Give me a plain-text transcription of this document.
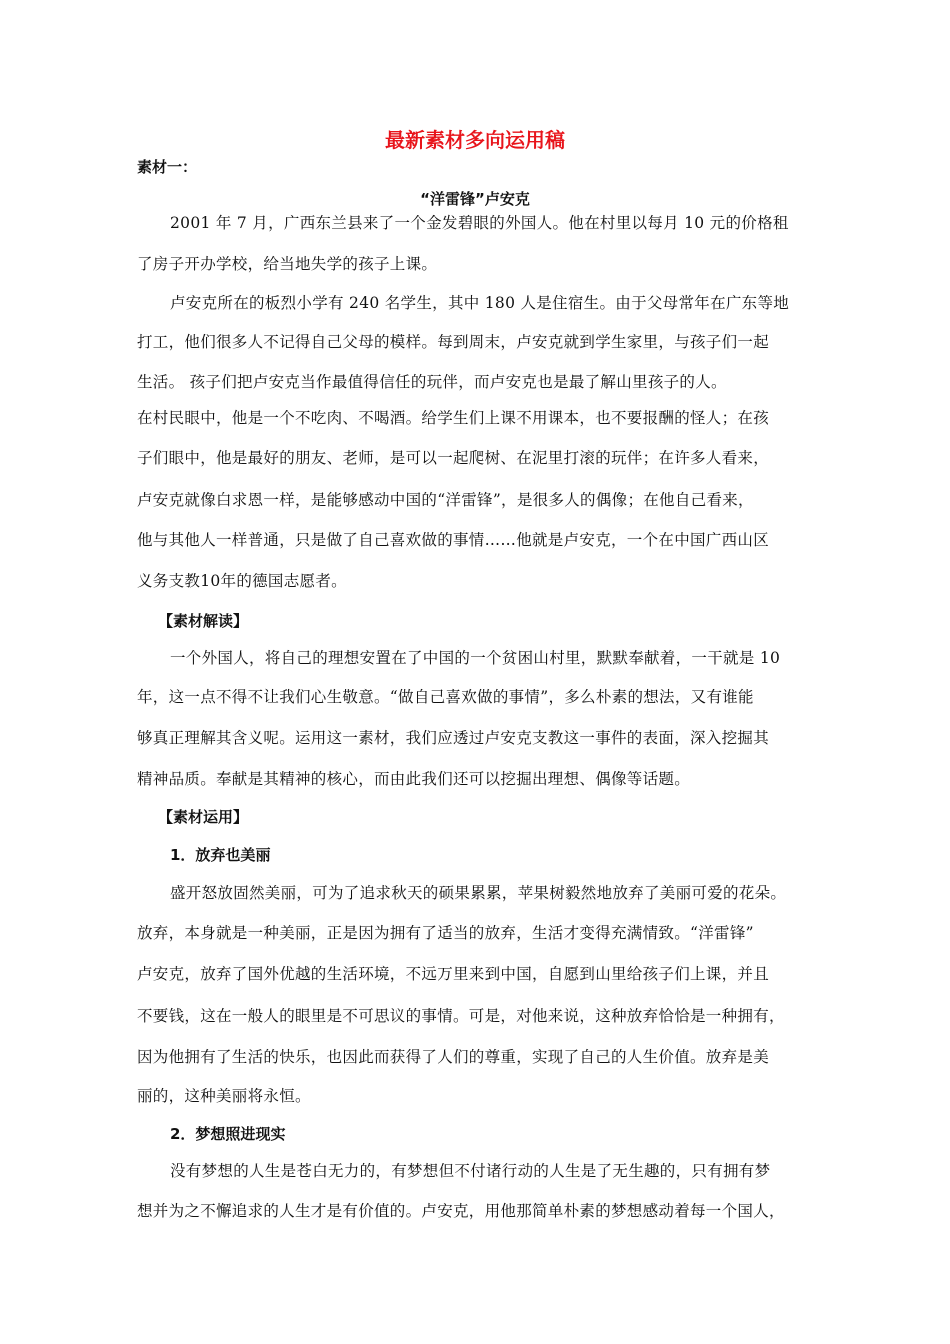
最新素材多向运用稿
素材一：
“洋雷锋”卢安克
2001 年 7 月，广西东兰县来了一个金发碧眼的外国人。他在村里以每月 10 元的价格租
了房子开办学校，给当地失学的孩子上课。
卢安克所在的板烈小学有 240 名学生，其中 180 人是住宿生。由于父母常年在广东等地
打工，他们很多人不记得自己父母的模样。每到周末，卢安克就到学生家里，与孩子们一起
生活。 孩子们把卢安克当作最值得信任的玩伴，而卢安克也是最了解山里孩子的人。
在村民眼中，他是一个不吃肉、不喝酒。给学生们上课不用课本，也不要报酬的怪人；在孩
子们眼中，他是最好的朋友、老师，是可以一起爬树、在泥里打滚的玩伴；在许多人看来，
卢安克就像白求恩一样，是能够感动中国的“洋雷锋”，是很多人的偶像；在他自己看来，
他与其他人一样普通，只是做了自己喜欢做的事情……他就是卢安克，一个在中国广西山区
义务支教10年的德国志愿者。
【素材解读】
一个外国人，将自己的理想安置在了中国的一个贫困山村里，默默奉献着，一干就是 10
年，这一点不得不让我们心生敬意。“做自己喜欢做的事情”，多么朴素的想法，又有谁能
够真正理解其含义呢。运用这一素材，我们应透过卢安克支教这一事件的表面，深入挖掘其
精神品质。奉献是其精神的核心，而由此我们还可以挖掘出理想、偶像等话题。
【素材运用】
1．放弃也美丽
盛开怒放固然美丽，可为了追求秋天的硕果累累，苹果树毅然地放弃了美丽可爱的花朵。
放弃，本身就是一种美丽，正是因为拥有了适当的放弃，生活才变得充满情致。“洋雷锋”
卢安克，放弃了国外优越的生活环境，不远万里来到中国，自愿到山里给孩子们上课，并且
不要钱，这在一般人的眼里是不可思议的事情。可是，对他来说，这种放弃恰恰是一种拥有，
因为他拥有了生活的快乐，也因此而获得了人们的尊重，实现了自己的人生价值。放弃是美
丽的，这种美丽将永恒。
2．梦想照进现实
没有梦想的人生是苍白无力的，有梦想但不付诸行动的人生是了无生趣的，只有拥有梦
想并为之不懈追求的人生才是有价值的。卢安克，用他那简单朴素的梦想感动着每一个国人，
